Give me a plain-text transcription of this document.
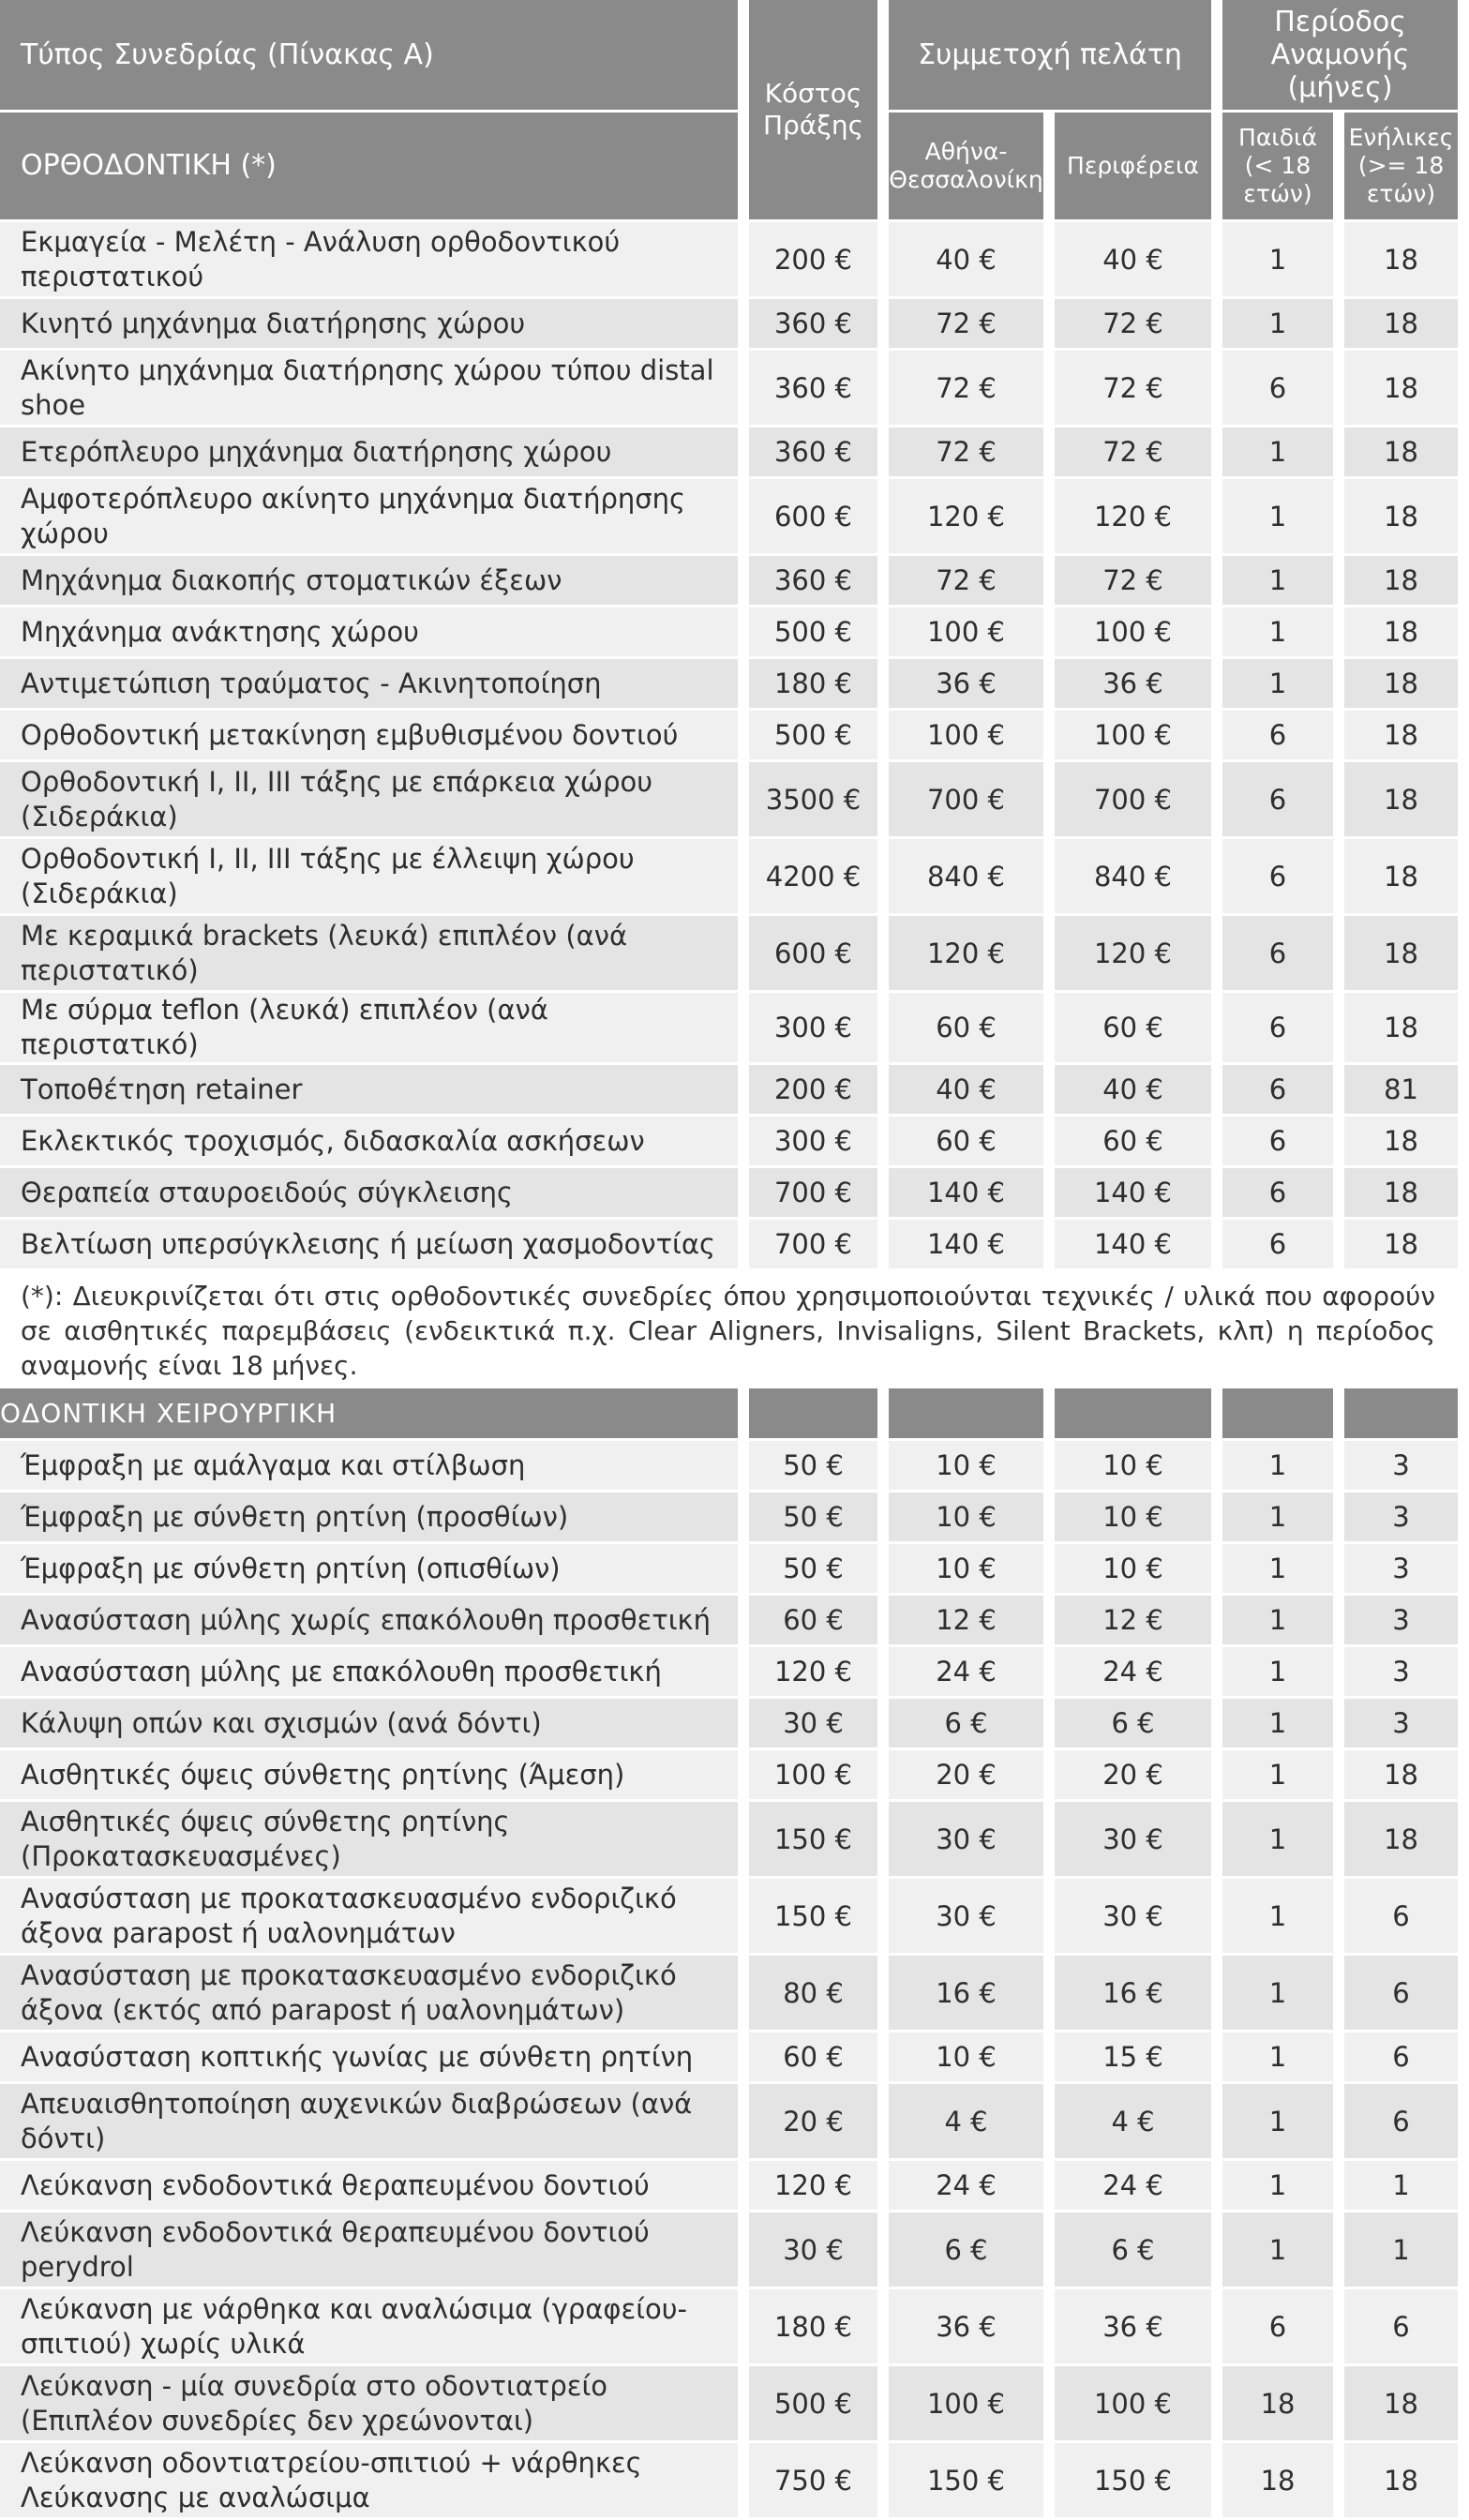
Τύπος Συνεδρίας (Πίνακας Α)	Κόστος Πράξης	Συμμετοχή πελάτη		Περίοδος Αναμονής (μήνες)	
ΟΡΘΟΔΟΝΤΙΚΗ (*)		Αθήνα-Θεσσαλονίκη	Περιφέρεια	Παιδιά (< 18 ετών)	Ενήλικες (>= 18 ετών)
Εκμαγεία - Μελέτη - Ανάλυση ορθοδοντικού περιστατικού	200 €	40 €	40 €	1	18
Κινητό μηχάνημα διατήρησης χώρου	360 €	72 €	72 €	1	18
Ακίνητο μηχάνημα διατήρησης χώρου τύπου distal shoe	360 €	72 €	72 €	6	18
Ετερόπλευρο μηχάνημα διατήρησης χώρου	360 €	72 €	72 €	1	18
Αμφοτερόπλευρο ακίνητο μηχάνημα διατήρησης χώρου	600 €	120 €	120 €	1	18
Μηχάνημα διακοπής στοματικών έξεων	360 €	72 €	72 €	1	18
Μηχάνημα ανάκτησης χώρου	500 €	100 €	100 €	1	18
Αντιμετώπιση τραύματος - Ακινητοποίηση	180 €	36 €	36 €	1	18
Ορθοδοντική μετακίνηση εμβυθισμένου δοντιού	500 €	100 €	100 €	6	18
Ορθοδοντική I, II, III τάξης με επάρκεια χώρου (Σιδεράκια)	3500 €	700 €	700 €	6	18
Ορθοδοντική I, II, III τάξης με έλλειψη χώρου (Σιδεράκια)	4200 €	840 €	840 €	6	18
Με κεραμικά brackets (λευκά) επιπλέον (ανά περιστατικό)	600 €	120 €	120 €	6	18
Με σύρμα teflon (λευκά) επιπλέον (ανά περιστατικό)	300 €	60 €	60 €	6	18
Τοποθέτηση retainer	200 €	40 €	40 €	6	81
Εκλεκτικός τροχισμός, διδασκαλία ασκήσεων	300 €	60 €	60 €	6	18
Θεραπεία σταυροειδούς σύγκλεισης	700 €	140 €	140 €	6	18
Βελτίωση υπερσύγκλεισης ή μείωση χασμοδοντίας	700 €	140 €	140 €	6	18
(*): Διευκρινίζεται ότι στις ορθοδοντικές συνεδρίες όπου χρησιμοποιούνται τεχνικές / υλικά που αφορούν σε αισθητικές παρεμβάσεις (ενδεικτικά π.χ. Clear Aligners, Invisaligns, Silent Brackets, κλπ) η περίοδος αναμονής είναι 18 μήνες.					
ΟΔΟΝΤΙΚΗ ΧΕΙΡΟΥΡΓΙΚΗ					
Έμφραξη με αμάλγαμα και στίλβωση	50 €	10 €	10 €	1	3
Έμφραξη με σύνθετη ρητίνη (προσθίων)	50 €	10 €	10 €	1	3
Έμφραξη με σύνθετη ρητίνη (οπισθίων)	50 €	10 €	10 €	1	3
Ανασύσταση μύλης χωρίς επακόλουθη προσθετική	60 €	12 €	12 €	1	3
Ανασύσταση μύλης με επακόλουθη προσθετική	120 €	24 €	24 €	1	3
Κάλυψη οπών και σχισμών (ανά δόντι)	30 €	6 €	6 €	1	3
Αισθητικές όψεις σύνθετης ρητίνης (Άμεση)	100 €	20 €	20 €	1	18
Αισθητικές όψεις σύνθετης ρητίνης (Προκατασκευασμένες)	150 €	30 €	30 €	1	18
Ανασύσταση με προκατασκευασμένο ενδοριζικό άξονα parapost ή υαλονημάτων	150 €	30 €	30 €	1	6
Ανασύσταση με προκατασκευασμένο ενδοριζικό άξονα (εκτός από parapost ή υαλονημάτων)	80 €	16 €	16 €	1	6
Ανασύσταση κοπτικής γωνίας με σύνθετη ρητίνη	60 €	10 €	15 €	1	6
Απευαισθητοποίηση αυχενικών διαβρώσεων (ανά δόντι)	20 €	4 €	4 €	1	6
Λεύκανση ενδοδοντικά θεραπευμένου δοντιού	120 €	24 €	24 €	1	1
Λεύκανση ενδοδοντικά θεραπευμένου δοντιού perydrol	30 €	6 €	6 €	1	1
Λεύκανση με νάρθηκα και αναλώσιμα (γραφείου-σπιτιού) χωρίς υλικά	180 €	36 €	36 €	6	6
Λεύκανση - μία συνεδρία στο οδοντιατρείο (Επιπλέον συνεδρίες δεν χρεώνονται)	500 €	100 €	100 €	18	18
Λεύκανση οδοντιατρείου-σπιτιού + νάρθηκες Λεύκανσης με αναλώσιμα	750 €	150 €	150 €	18	18
